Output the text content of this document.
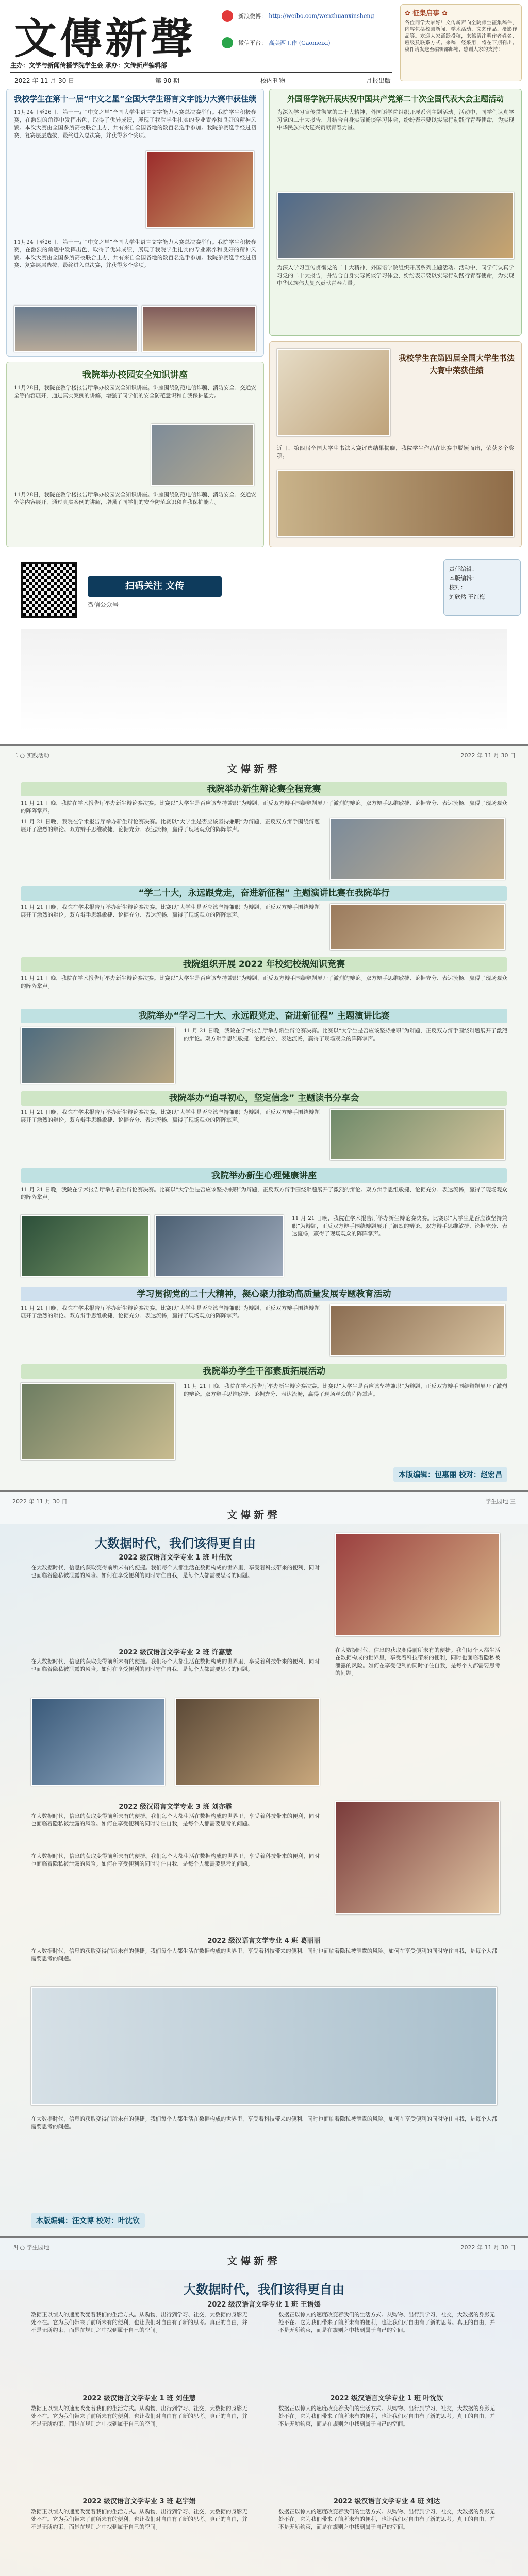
文傳新聲	新浪微博： http://weibo.com/wenzhuanxinsheng
微信平台： 高美西工作 (Gaomeixi)
✿ 征集启事 ✿
各位同学大家好！文传新声向全院师生征集稿件，内容包括校园新闻、学术活动、文艺作品、摄影作品等。欢迎大家踊跃投稿，来稿请注明作者姓名、班级及联系方式。来稿一经采用，将在下期刊出。稿件请发送至编辑部邮箱，感谢大家的支持！
主办：文学与新闻传播学院学生会 承办：文传新声编辑部
2022 年 11 月 30 日	第 90 期	校内刊物	月报出版
我校学生在第十一届“中文之星”全国大学生语言文字能力大赛中获佳绩
11月24日至26日，第十一届“中文之星”全国大学生语言文字能力大赛总决赛举行。我院学生积极参赛，在激烈的角逐中发挥出色，取得了优异成绩，展现了我院学生扎实的专业素养和良好的精神风貌。本次大赛由全国多所高校联合主办，共有来自全国各地的数百名选手参加。我院参赛选手经过初赛、复赛层层选拔，最终进入总决赛，并获得多个奖项。
11月24日至26日，第十一届“中文之星”全国大学生语言文字能力大赛总决赛举行。我院学生积极参赛，在激烈的角逐中发挥出色，取得了优异成绩，展现了我院学生扎实的专业素养和良好的精神风貌。本次大赛由全国多所高校联合主办，共有来自全国各地的数百名选手参加。我院参赛选手经过初赛、复赛层层选拔，最终进入总决赛，并获得多个奖项。
外国语学院开展庆祝中国共产党第二十次全国代表大会主题活动
为深入学习宣传贯彻党的二十大精神，外国语学院组织开展系列主题活动。活动中，同学们认真学习党的二十大报告，并结合自身实际畅谈学习体会，纷纷表示要以实际行动践行青春使命，为实现中华民族伟大复兴贡献青春力量。
为深入学习宣传贯彻党的二十大精神，外国语学院组织开展系列主题活动。活动中，同学们认真学习党的二十大报告，并结合自身实际畅谈学习体会，纷纷表示要以实际行动践行青春使命，为实现中华民族伟大复兴贡献青春力量。
我院举办校园安全知识讲座
11月28日，我院在教学楼报告厅举办校园安全知识讲座。讲座围绕防范电信诈骗、消防安全、交通安全等内容展开，通过真实案例的讲解，增强了同学们的安全防范意识和自我保护能力。
11月28日，我院在教学楼报告厅举办校园安全知识讲座。讲座围绕防范电信诈骗、消防安全、交通安全等内容展开，通过真实案例的讲解，增强了同学们的安全防范意识和自我保护能力。
我校学生在第四届全国大学生书法大赛中荣获佳绩
近日，第四届全国大学生书法大赛评选结果揭晓，我院学生作品在比赛中脱颖而出，荣获多个奖项。
扫码关注 文传
微信公众号
责任编辑：
本版编辑：
校对：
刘欣然 王红梅
二 ○ 实践活动	2022 年 11 月 30 日
文傳新聲
我院举办新生辩论赛全程竞赛
11 月 21 日晚，我院在学术报告厅举办新生辩论赛决赛。比赛以“大学生是否应该坚持兼职”为辩题，正反双方辩手围绕辩题展开了激烈的辩论。双方辩手思维敏捷、论据充分、表达流畅，赢得了现场观众的阵阵掌声。
11 月 21 日晚，我院在学术报告厅举办新生辩论赛决赛。比赛以“大学生是否应该坚持兼职”为辩题，正反双方辩手围绕辩题展开了激烈的辩论。双方辩手思维敏捷、论据充分、表达流畅，赢得了现场观众的阵阵掌声。
“学二十大，永远跟党走，奋进新征程” 主题演讲比赛在我院举行
11 月 21 日晚，我院在学术报告厅举办新生辩论赛决赛。比赛以“大学生是否应该坚持兼职”为辩题，正反双方辩手围绕辩题展开了激烈的辩论。双方辩手思维敏捷、论据充分、表达流畅，赢得了现场观众的阵阵掌声。
我院组织开展 2022 年校纪校规知识竞赛
11 月 21 日晚，我院在学术报告厅举办新生辩论赛决赛。比赛以“大学生是否应该坚持兼职”为辩题，正反双方辩手围绕辩题展开了激烈的辩论。双方辩手思维敏捷、论据充分、表达流畅，赢得了现场观众的阵阵掌声。
我院举办“学习二十大、永远跟党走、奋进新征程” 主题演讲比赛
11 月 21 日晚，我院在学术报告厅举办新生辩论赛决赛。比赛以“大学生是否应该坚持兼职”为辩题，正反双方辩手围绕辩题展开了激烈的辩论。双方辩手思维敏捷、论据充分、表达流畅，赢得了现场观众的阵阵掌声。
我院举办“追寻初心，坚定信念” 主题读书分享会
11 月 21 日晚，我院在学术报告厅举办新生辩论赛决赛。比赛以“大学生是否应该坚持兼职”为辩题，正反双方辩手围绕辩题展开了激烈的辩论。双方辩手思维敏捷、论据充分、表达流畅，赢得了现场观众的阵阵掌声。
我院举办新生心理健康讲座
11 月 21 日晚，我院在学术报告厅举办新生辩论赛决赛。比赛以“大学生是否应该坚持兼职”为辩题，正反双方辩手围绕辩题展开了激烈的辩论。双方辩手思维敏捷、论据充分、表达流畅，赢得了现场观众的阵阵掌声。
11 月 21 日晚，我院在学术报告厅举办新生辩论赛决赛。比赛以“大学生是否应该坚持兼职”为辩题，正反双方辩手围绕辩题展开了激烈的辩论。双方辩手思维敏捷、论据充分、表达流畅，赢得了现场观众的阵阵掌声。
学习贯彻党的二十大精神，凝心聚力推动高质量发展专题教育活动
11 月 21 日晚，我院在学术报告厅举办新生辩论赛决赛。比赛以“大学生是否应该坚持兼职”为辩题，正反双方辩手围绕辩题展开了激烈的辩论。双方辩手思维敏捷、论据充分、表达流畅，赢得了现场观众的阵阵掌声。
我院举办学生干部素质拓展活动
11 月 21 日晚，我院在学术报告厅举办新生辩论赛决赛。比赛以“大学生是否应该坚持兼职”为辩题，正反双方辩手围绕辩题展开了激烈的辩论。双方辩手思维敏捷、论据充分、表达流畅，赢得了现场观众的阵阵掌声。
本版编辑：包惠丽 校对：赵宏昌
2022 年 11 月 30 日	学生园地 三
文傳新聲
大数据时代，我们该得更自由
2022 级汉语言文学专业 1 班 叶佳欣
在大数据时代，信息的获取变得前所未有的便捷。我们每个人都生活在数据构成的世界里，享受着科技带来的便利，同时也面临着隐私被泄露的风险。如何在享受便利的同时守住自我，是每个人都需要思考的问题。
2022 级汉语言文学专业 2 班 许嘉慧
在大数据时代，信息的获取变得前所未有的便捷。我们每个人都生活在数据构成的世界里，享受着科技带来的便利，同时也面临着隐私被泄露的风险。如何在享受便利的同时守住自我，是每个人都需要思考的问题。
在大数据时代，信息的获取变得前所未有的便捷。我们每个人都生活在数据构成的世界里，享受着科技带来的便利，同时也面临着隐私被泄露的风险。如何在享受便利的同时守住自我，是每个人都需要思考的问题。
2022 级汉语言文学专业 3 班 刘亦霏
在大数据时代，信息的获取变得前所未有的便捷。我们每个人都生活在数据构成的世界里，享受着科技带来的便利，同时也面临着隐私被泄露的风险。如何在享受便利的同时守住自我，是每个人都需要思考的问题。
在大数据时代，信息的获取变得前所未有的便捷。我们每个人都生活在数据构成的世界里，享受着科技带来的便利，同时也面临着隐私被泄露的风险。如何在享受便利的同时守住自我，是每个人都需要思考的问题。
2022 级汉语言文学专业 4 班 葛丽丽
在大数据时代，信息的获取变得前所未有的便捷。我们每个人都生活在数据构成的世界里，享受着科技带来的便利，同时也面临着隐私被泄露的风险。如何在享受便利的同时守住自我，是每个人都需要思考的问题。
在大数据时代，信息的获取变得前所未有的便捷。我们每个人都生活在数据构成的世界里，享受着科技带来的便利，同时也面临着隐私被泄露的风险。如何在享受便利的同时守住自我，是每个人都需要思考的问题。
本版编辑：汪文博 校对：叶沈钦
四 ○ 学生园地	2022 年 11 月 30 日
文傳新聲
大数据时代，我们该得更自由
2022 级汉语言文学专业 1 班 王语嫣
数据正以惊人的速度改变着我们的生活方式。从购物、出行到学习、社交，大数据的身影无处不在。它为我们带来了前所未有的便利，也让我们对自由有了新的思考。真正的自由，并不是无所约束，而是在规则之中找到属于自己的空间。
数据正以惊人的速度改变着我们的生活方式。从购物、出行到学习、社交，大数据的身影无处不在。它为我们带来了前所未有的便利，也让我们对自由有了新的思考。真正的自由，并不是无所约束，而是在规则之中找到属于自己的空间。
2022 级汉语言文学专业 1 班 刘佳慧
数据正以惊人的速度改变着我们的生活方式。从购物、出行到学习、社交，大数据的身影无处不在。它为我们带来了前所未有的便利，也让我们对自由有了新的思考。真正的自由，并不是无所约束，而是在规则之中找到属于自己的空间。
2022 级汉语言文学专业 1 班 叶沈钦
数据正以惊人的速度改变着我们的生活方式。从购物、出行到学习、社交，大数据的身影无处不在。它为我们带来了前所未有的便利，也让我们对自由有了新的思考。真正的自由，并不是无所约束，而是在规则之中找到属于自己的空间。
2022 级汉语言文学专业 3 班 赵宇娟
数据正以惊人的速度改变着我们的生活方式。从购物、出行到学习、社交，大数据的身影无处不在。它为我们带来了前所未有的便利，也让我们对自由有了新的思考。真正的自由，并不是无所约束，而是在规则之中找到属于自己的空间。
2022 级汉语言文学专业 4 班 刘达
数据正以惊人的速度改变着我们的生活方式。从购物、出行到学习、社交，大数据的身影无处不在。它为我们带来了前所未有的便利，也让我们对自由有了新的思考。真正的自由，并不是无所约束，而是在规则之中找到属于自己的空间。
